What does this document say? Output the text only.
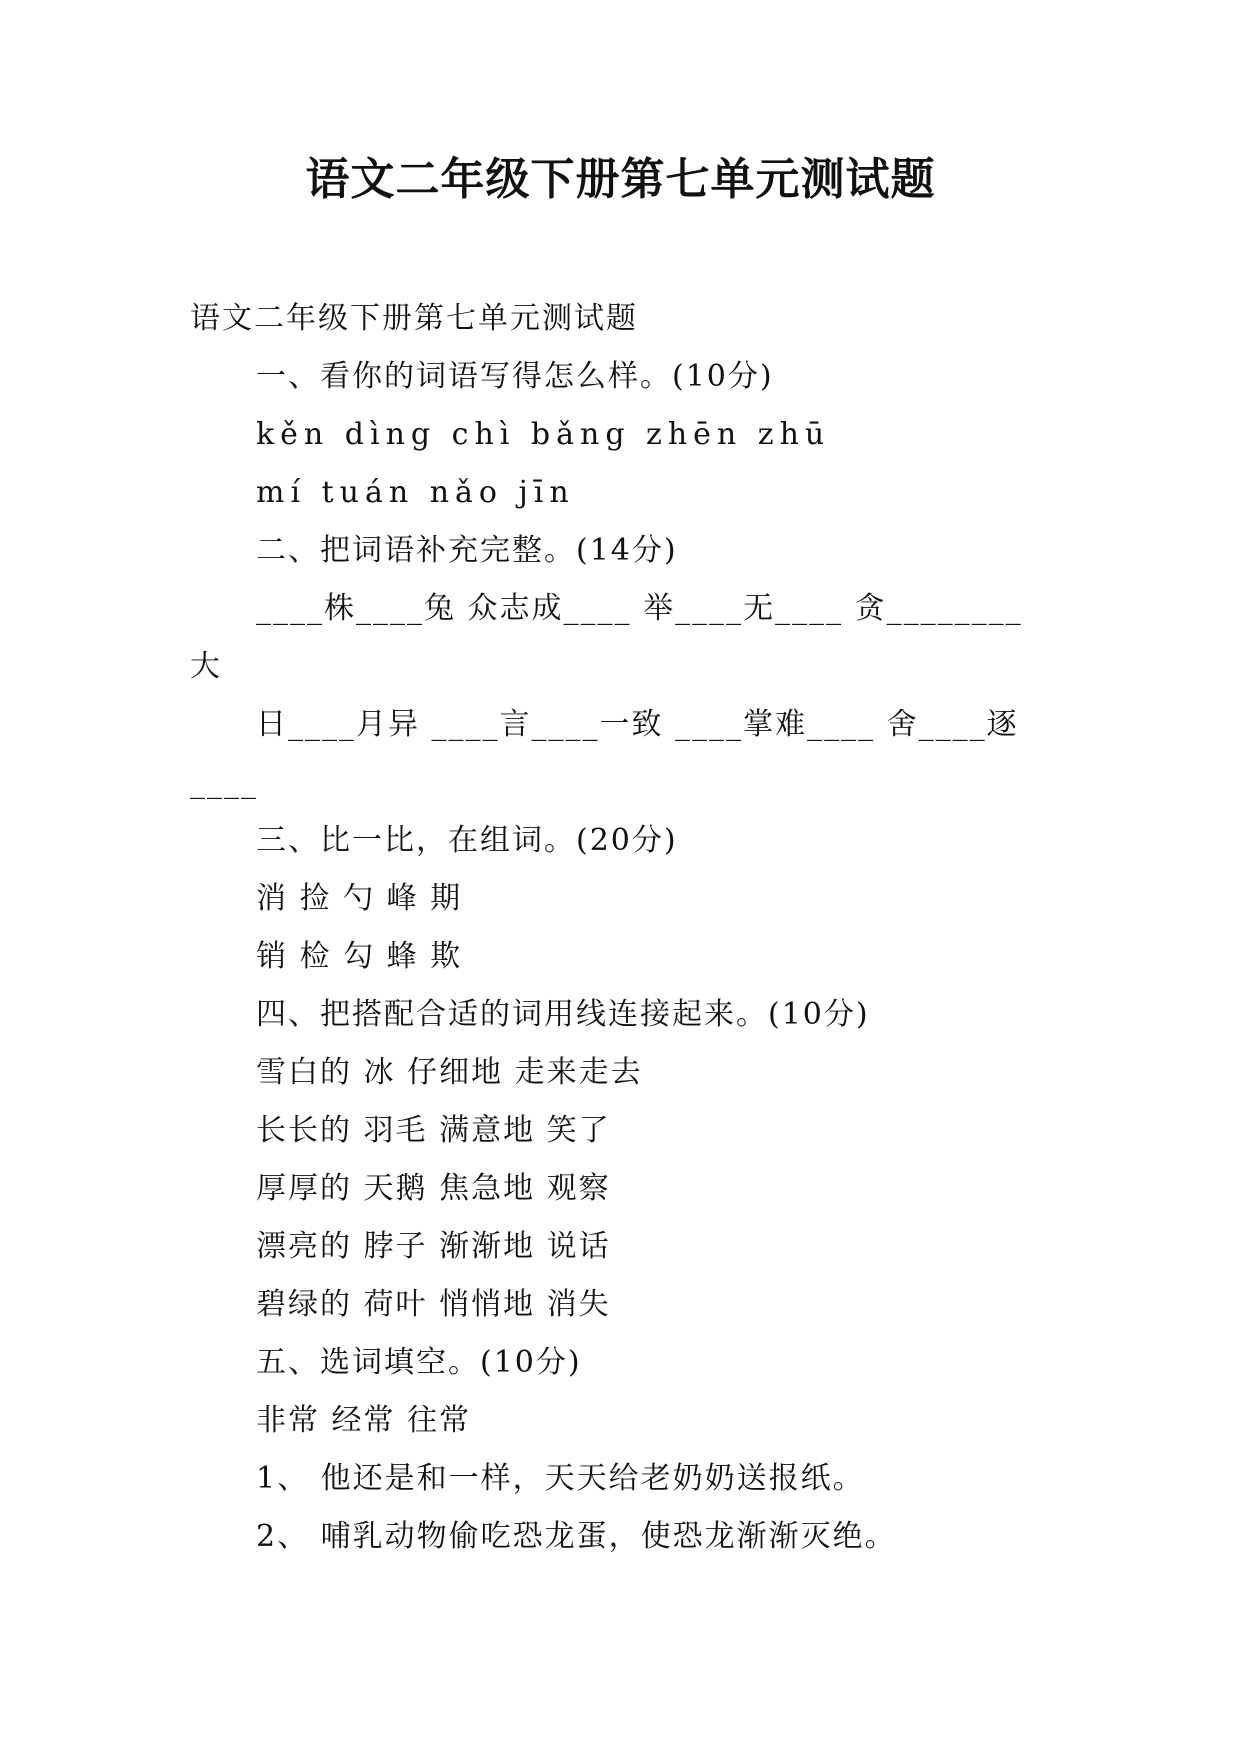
语文二年级下册第七单元测试题

语文二年级下册第七单元测试题

一、看你的词语写得怎么样。(10分)

kěn dìng chì bǎng zhēn zhū

mí tuán nǎo jīn

二、把词语补充完整。(14分)

____株____兔 众志成____ 举____无____ 贪________

大

日____月异 ____言____一致 ____掌难____ 舍____逐

____

三、比一比，在组词。(20分)

消 捡 勺 峰 期

销 检 勾 蜂 欺

四、把搭配合适的词用线连接起来。(10分)

雪白的 冰 仔细地 走来走去

长长的 羽毛 满意地 笑了

厚厚的 天鹅 焦急地 观察

漂亮的 脖子 渐渐地 说话

碧绿的 荷叶 悄悄地 消失

五、选词填空。(10分)

非常 经常 往常

1、 他还是和一样，天天给老奶奶送报纸。

2、 哺乳动物偷吃恐龙蛋，使恐龙渐渐灭绝。
